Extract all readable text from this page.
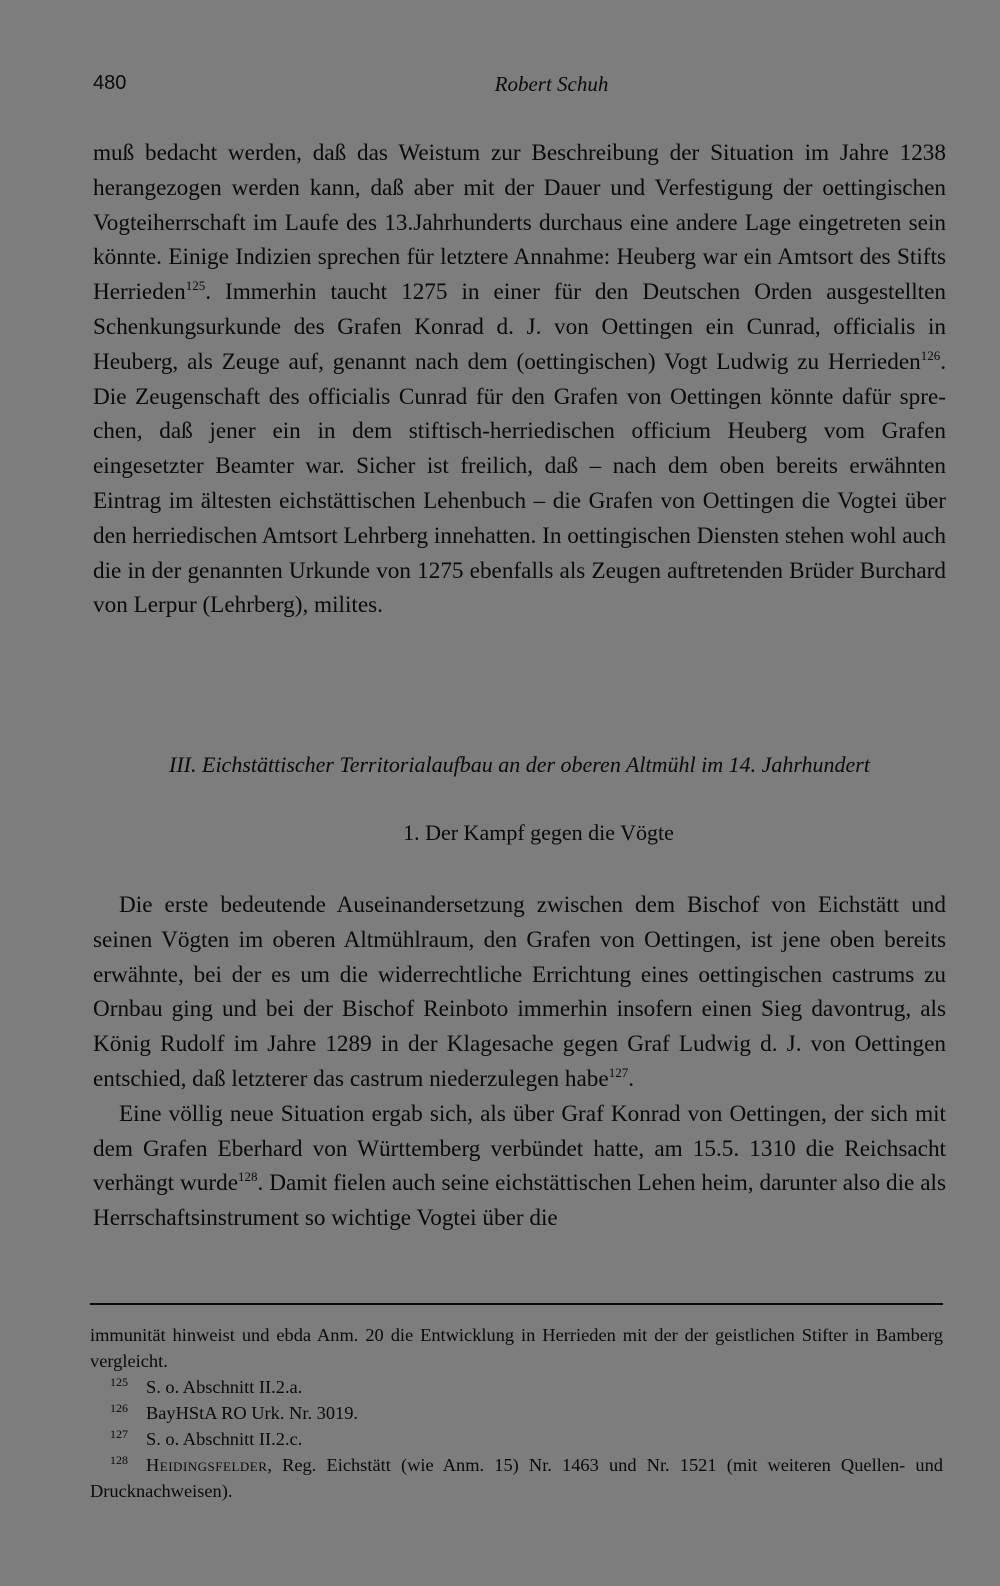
480	Robert Schuh

muß bedacht werden, daß das Weistum zur Beschreibung der Situation im Jahre 1238 herangezogen werden kann, daß aber mit der Dauer und Verfestigung der oettingischen Vogteiherrschaft im Laufe des 13.Jahrhunderts durchaus eine andere Lage eingetreten sein könnte. Einige Indizien sprechen für letztere Annahme: Heuberg war ein Amtsort des Stifts Herrieden$^{125}$. Immerhin taucht 1275 in einer für den Deutschen Orden ausgestellten Schenkungsurkunde des Grafen Konrad d. J. von Oettingen ein Cunrad, officialis in Heuberg, als Zeuge auf, genannt nach dem (oettingischen) Vogt Ludwig zu Herrieden$^{126}$. Die Zeugenschaft des officialis Cunrad für den Grafen von Oettingen könnte dafür sprechen, daß jener ein in dem stiftisch-herriedischen officium Heuberg vom Grafen eingesetzter Beamter war. Sicher ist freilich, daß – nach dem oben bereits erwähnten Eintrag im ältesten eichstättischen Lehenbuch – die Grafen von Oettingen die Vogtei über den herriedischen Amtsort Lehrberg innehatten. In oettingischen Diensten stehen wohl auch die in der genannten Urkunde von 1275 ebenfalls als Zeugen auftretenden Brüder Burchard von Lerpur (Lehrberg), milites.

III. Eichstättischer Territorialaufbau an der oberen Altmühl im 14. Jahrhundert
1. Der Kampf gegen die Vögte

Die erste bedeutende Auseinandersetzung zwischen dem Bischof von Eichstätt und seinen Vögten im oberen Altmühlraum, den Grafen von Oettingen, ist jene oben bereits erwähnte, bei der es um die widerrechtliche Errichtung eines oettingischen castrums zu Ornbau ging und bei der Bischof Reinboto immerhin insofern einen Sieg davontrug, als König Rudolf im Jahre 1289 in der Klagesache gegen Graf Ludwig d. J. von Oettingen entschied, daß letzterer das castrum niederzulegen habe$^{127}$.

Eine völlig neue Situation ergab sich, als über Graf Konrad von Oettingen, der sich mit dem Grafen Eberhard von Württemberg verbündet hatte, am 15.5. 1310 die Reichsacht verhängt wurde$^{128}$. Damit fielen auch seine eichstättischen Lehen heim, darunter also die als Herrschaftsinstrument so wichtige Vogtei über die

immunität hinweist und ebda Anm. 20 die Entwicklung in Herrieden mit der der geistlichen Stifter in Bamberg vergleicht.

125 S. o. Abschnitt II.2.a.

126 BayHStA RO Urk. Nr. 3019.

127 S. o. Abschnitt II.2.c.

128 Heidingsfelder, Reg. Eichstätt (wie Anm. 15) Nr. 1463 und Nr. 1521 (mit weiteren Quellen- und Drucknachweisen).
